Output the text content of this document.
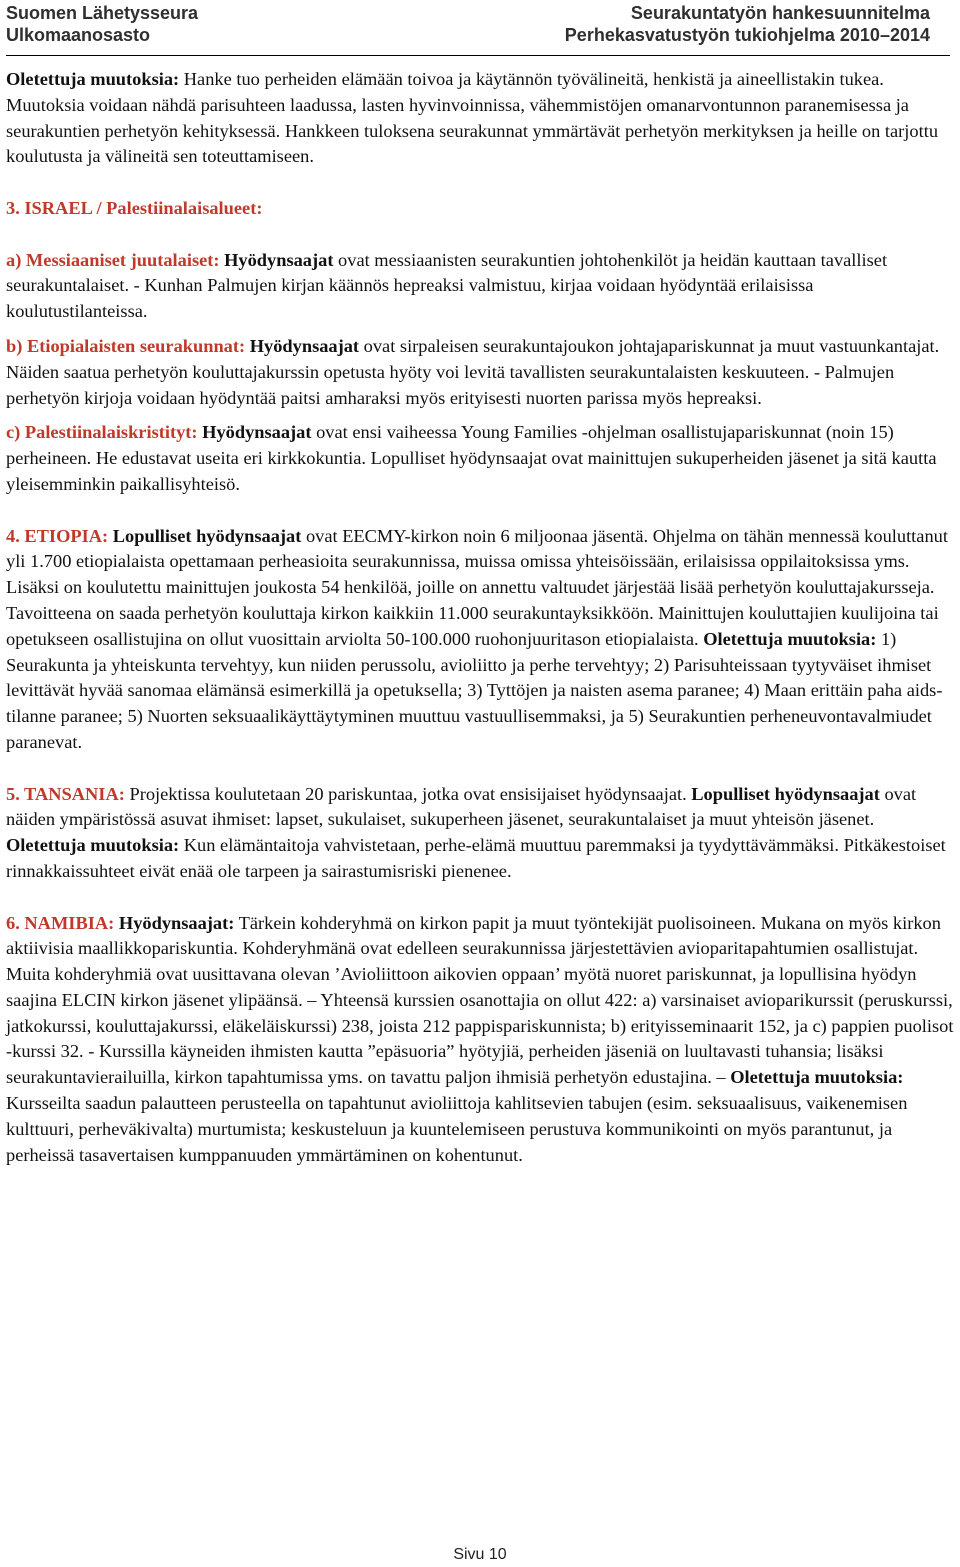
Suomen Lähetysseura
Ulkomaanosasto
Seurakuntatyön hankesuunnitelma
Perhekasvatustyön tukiohjelma 2010–2014

Oletettuja muutoksia: Hanke tuo perheiden elämään toivoa ja käytännön työvälineitä, henkistä ja aineellistakin tukea. Muutoksia voidaan nähdä parisuhteen laadussa, lasten hyvinvoinnissa, vähemmistöjen omanarvontunnon paranemisessa ja seurakuntien perhetyön kehityksessä. Hankkeen tuloksena seurakunnat ymmärtävät perhetyön merkityksen ja heille on tarjottu koulutusta ja välineitä sen toteuttamiseen.

3. ISRAEL / Palestiinalaisalueet:

a) Messiaaniset juutalaiset: Hyödynsaajat ovat messiaanisten seurakuntien johtohenkilöt ja heidän kauttaan tavalliset seurakuntalaiset. - Kunhan Palmujen kirjan käännös hepreaksi valmistuu, kirjaa voidaan hyödyntää erilaisissa koulutustilanteissa.

b) Etiopialaisten seurakunnat: Hyödynsaajat ovat sirpaleisen seurakuntajoukon johtajapariskunnat ja muut vastuunkantajat. Näiden saatua perhetyön kouluttajakurssin opetusta hyöty voi levitä tavallisten seurakuntalaisten keskuuteen. - Palmujen perhetyön kirjoja voidaan hyödyntää paitsi amharaksi myös erityisesti nuorten parissa myös hepreaksi.

c) Palestiinalaiskristityt: Hyödynsaajat ovat ensi vaiheessa Young Families -ohjelman osallistujapariskunnat (noin 15) perheineen. He edustavat useita eri kirkkokuntia. Lopulliset hyödynsaajat ovat mainittujen sukuperheiden jäsenet ja sitä kautta yleisemminkin paikallisyhteisö.

4. ETIOPIA: Lopulliset hyödynsaajat ovat EECMY-kirkon noin 6 miljoonaa jäsentä. Ohjelma on tähän mennessä kouluttanut yli 1.700 etiopialaista opettamaan perheasioita seurakunnissa, muissa omissa yhteisöissään, erilaisissa oppilaitoksissa yms. Lisäksi on koulutettu mainittujen joukosta 54 henkilöä, joille on annettu valtuudet järjestää lisää perhetyön kouluttajakursseja. Tavoitteena on saada perhetyön kouluttaja kirkon kaikkiin 11.000 seurakuntayksikköön. Mainittujen kouluttajien kuulijoina tai opetukseen osallistujina on ollut vuosittain arviolta 50-100.000 ruohonjuuritason etiopialaista. Oletettuja muutoksia: 1) Seurakunta ja yhteiskunta tervehtyy, kun niiden perussolu, avioliitto ja perhe tervehtyy; 2) Parisuhteissaan tyytyväiset ihmiset levittävät hyvää sanomaa elämänsä esimerkillä ja opetuksella; 3) Tyttöjen ja naisten asema paranee; 4) Maan erittäin paha aids-tilanne paranee; 5) Nuorten seksuaalikäyttäytyminen muuttuu vastuullisemmaksi, ja 5) Seurakuntien perheneuvontavalmiudet paranevat.

5. TANSANIA: Projektissa koulutetaan 20 pariskuntaa, jotka ovat ensisijaiset hyödynsaajat. Lopulliset hyödynsaajat ovat näiden ympäristössä asuvat ihmiset: lapset, sukulaiset, sukuperheen jäsenet, seurakuntalaiset ja muut yhteisön jäsenet. Oletettuja muutoksia: Kun elämäntaitoja vahvistetaan, perhe-elämä muuttuu paremmaksi ja tyydyttävämmäksi. Pitkäkestoiset rinnakkaissuhteet eivät enää ole tarpeen ja sairastumisriski pienenee.

6. NAMIBIA: Hyödynsaajat: Tärkein kohderyhmä on kirkon papit ja muut työntekijät puolisoineen. Mukana on myös kirkon aktiivisia maallikkopariskuntia. Kohderyhmänä ovat edelleen seurakunnissa järjestettävien avioparitapahtumien osallistujat. Muita kohderyhmiä ovat uusittavana olevan ’Avioliittoon aikovien oppaan’ myötä nuoret pariskunnat, ja lopullisina hyödyn saajina ELCIN kirkon jäsenet ylipäänsä. – Yhteensä kurssien osanottajia on ollut 422: a) varsinaiset avioparikurssit (peruskurssi, jatkokurssi, kouluttajakurssi, eläkeläiskurssi) 238, joista 212 pappispariskunnista; b) erityisseminaarit 152, ja c) pappien puolisot -kurssi 32. - Kurssilla käyneiden ihmisten kautta ”epäsuoria” hyötyjiä, perheiden jäseniä on luultavasti tuhansia; lisäksi seurakuntavierailuilla, kirkon tapahtumissa yms. on tavattu paljon ihmisiä perhetyön edustajina. – Oletettuja muutoksia: Kursseilta saadun palautteen perusteella on tapahtunut avioliittoja kahlitsevien tabujen (esim. seksuaalisuus, vaikenemisen kulttuuri, perheväkivalta) murtumista; keskusteluun ja kuuntelemiseen perustuva kommunikointi on myös parantunut, ja perheissä tasavertaisen kumppanuuden ymmärtäminen on kohentunut.

Sivu 10
